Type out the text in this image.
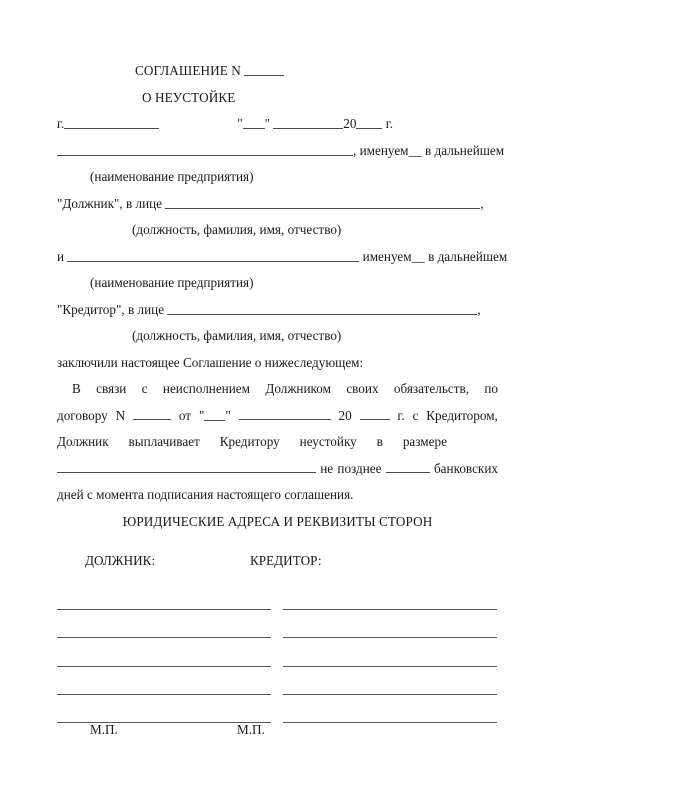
СОГЛАШЕНИЕ N
О НЕУСТОЙКЕ
г.	" "	20 г.
, именуем__ в дальнейшем
(наименование предприятия)
"Должник", в лице	,
(должность, фамилия, имя, отчество)
и	именуем__ в дальнейшем
(наименование предприятия)
"Кредитор", в лице	,
(должность, фамилия, имя, отчество)
заключили настоящее Соглашение о нижеследующем:
В связи с неисполнением Должником своих обязательств, по
договору N	от " "	20	г. с Кредитором,
Должник выплачивает Кредитору неустойку в размере
не позднее	банковских
дней с момента подписания настоящего соглашения.
ЮРИДИЧЕСКИЕ АДРЕСА И РЕКВИЗИТЫ СТОРОН
ДОЛЖНИК:	КРЕДИТОР:
М.П.	М.П.
